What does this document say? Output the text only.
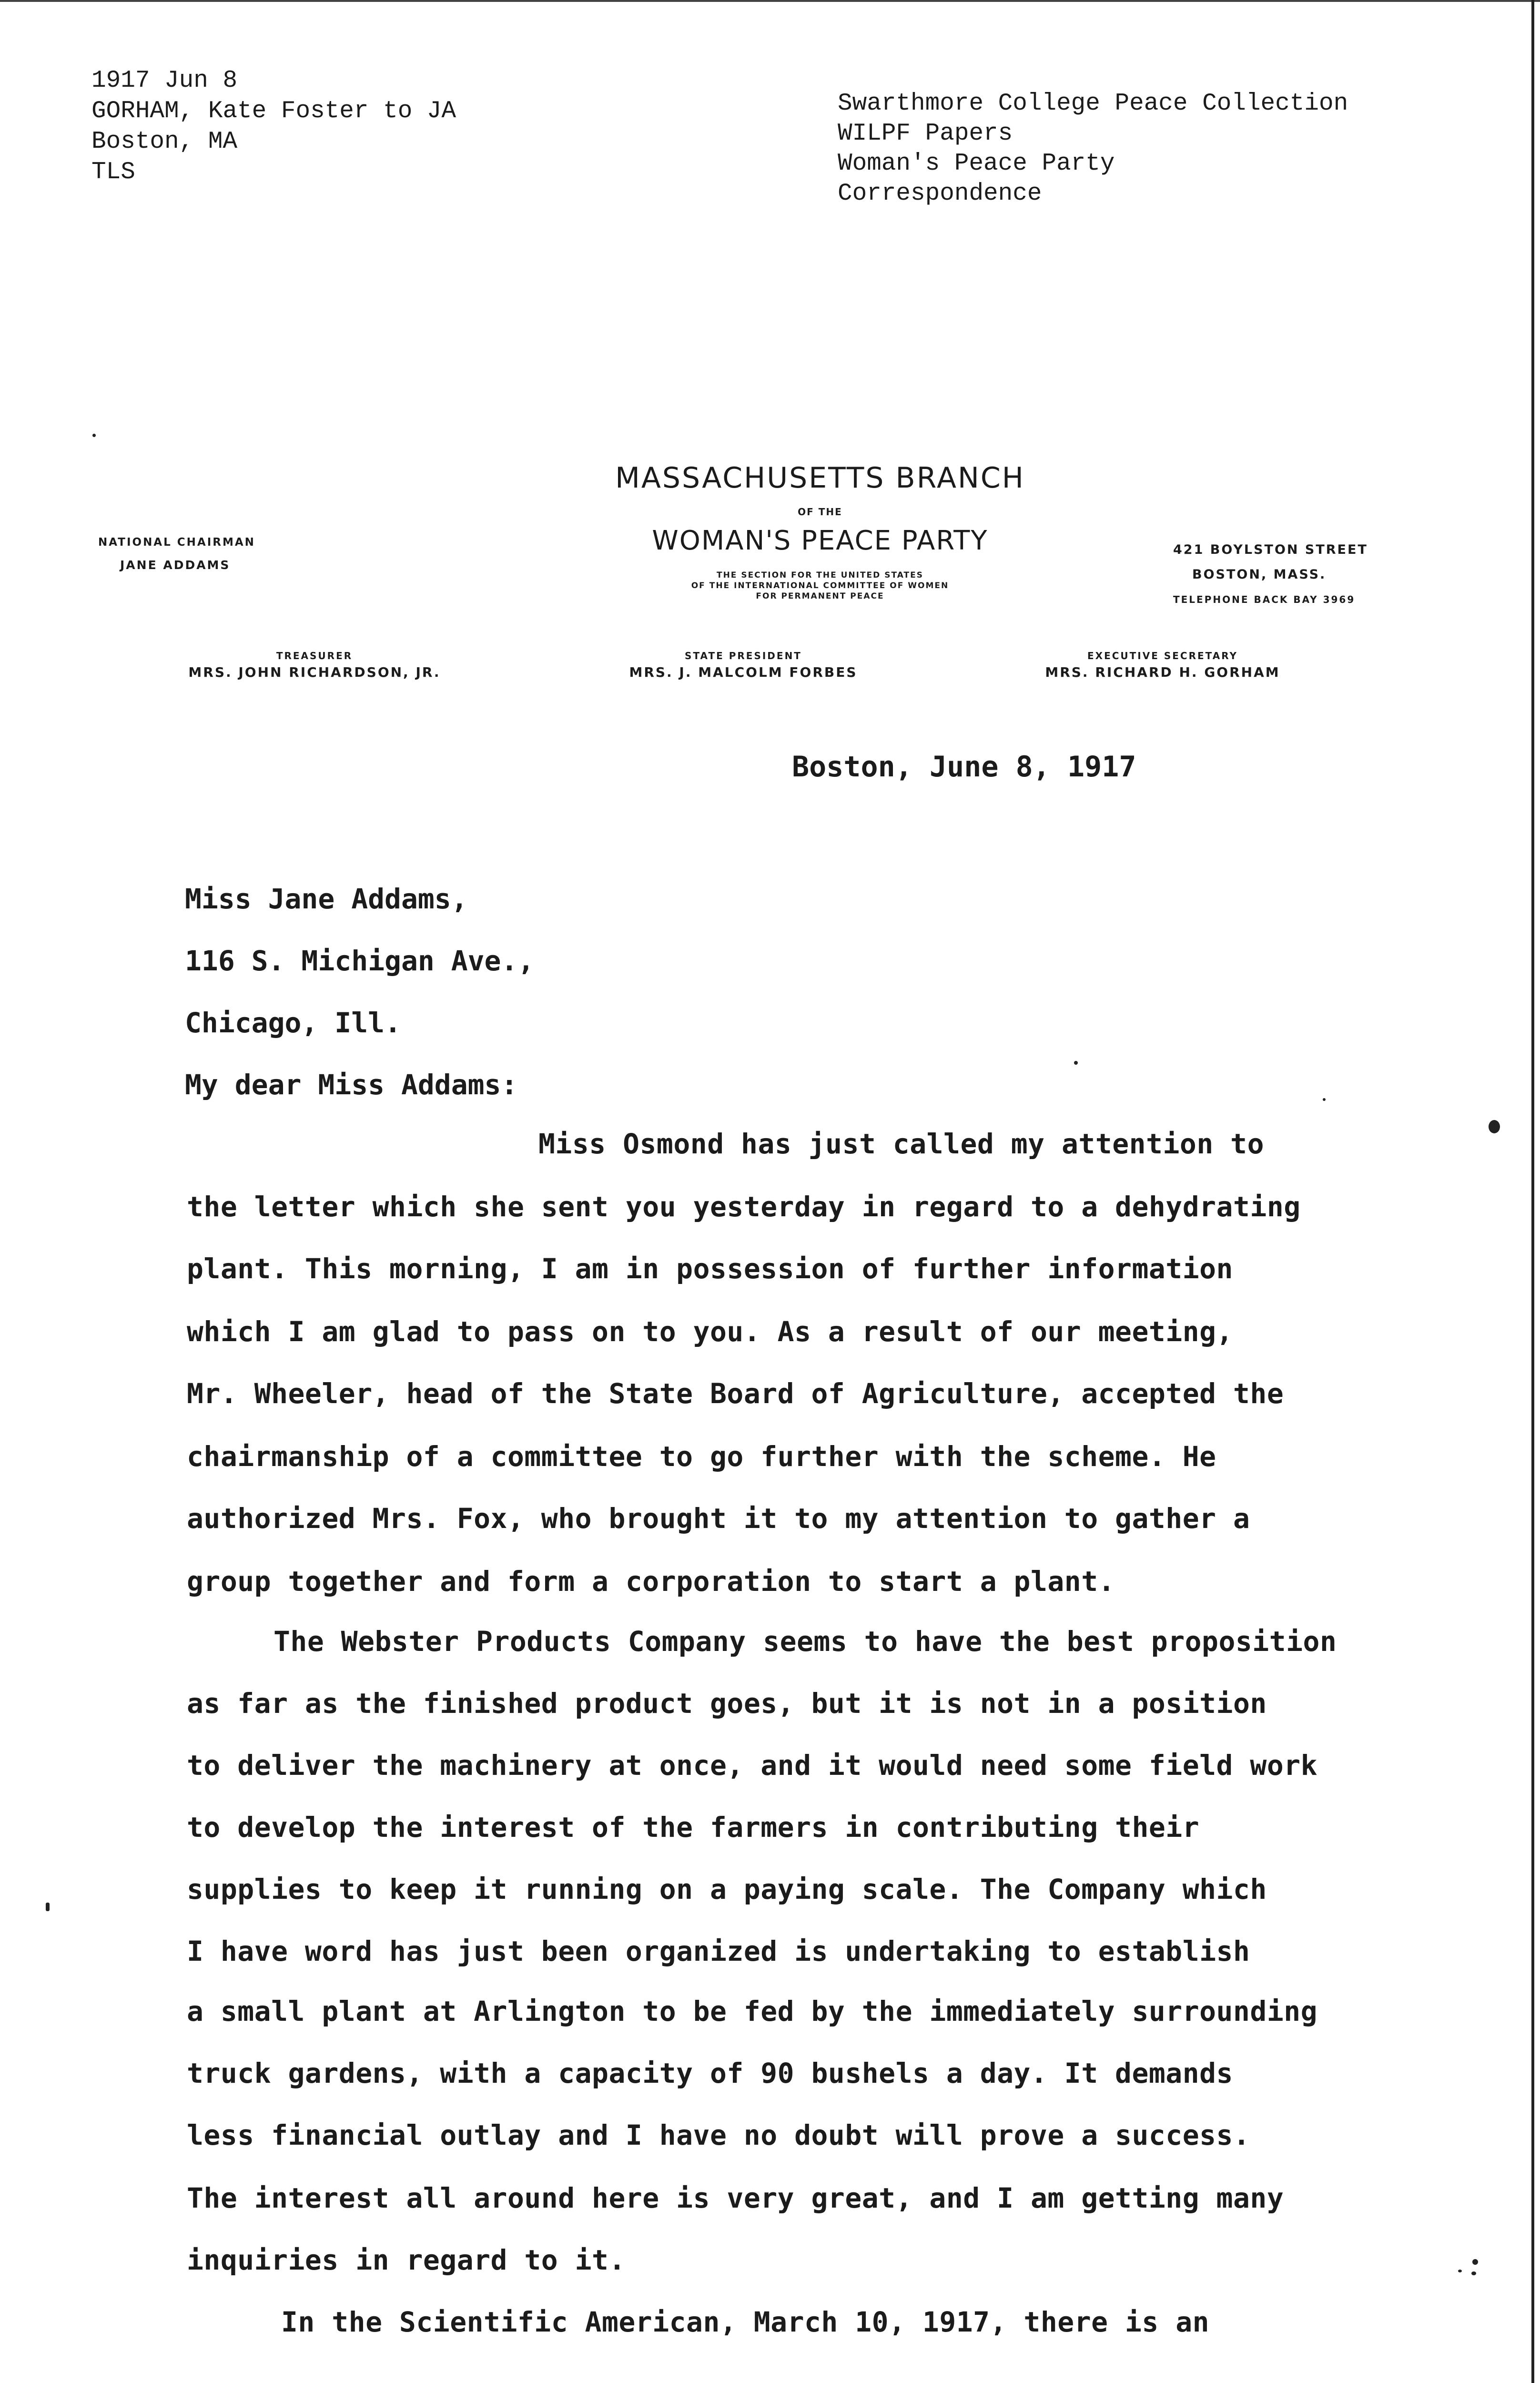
1917 Jun 8
GORHAM, Kate Foster to JA
Boston, MA
TLS
Swarthmore College Peace Collection
WILPF Papers
Woman's Peace Party
Correspondence
MASSACHUSETTS BRANCH
OF THE
WOMAN'S PEACE PARTY
THE SECTION FOR THE UNITED STATES
OF THE INTERNATIONAL COMMITTEE OF WOMEN
FOR PERMANENT PEACE
NATIONAL CHAIRMAN
JANE ADDAMS
421 BOYLSTON STREET
BOSTON, MASS.
TELEPHONE BACK BAY 3969
TREASURER
MRS. JOHN RICHARDSON, JR.
STATE PRESIDENT
MRS. J. MALCOLM FORBES
EXECUTIVE SECRETARY
MRS. RICHARD H. GORHAM
Boston, June 8, 1917
Miss Jane Addams,
116 S. Michigan Ave.,
Chicago, Ill.
My dear Miss Addams:
Miss Osmond has just called my attention to
the letter which she sent you yesterday in regard to a dehydrating
plant. This morning, I am in possession of further information
which I am glad to pass on to you. As a result of our meeting,
Mr. Wheeler, head of the State Board of Agriculture, accepted the
chairmanship of a committee to go further with the scheme. He
authorized Mrs. Fox, who brought it to my attention to gather a
group together and form a corporation to start a plant.
The Webster Products Company seems to have the best proposition
as far as the finished product goes, but it is not in a position
to deliver the machinery at once, and it would need some field work
to develop the interest of the farmers in contributing their
supplies to keep it running on a paying scale. The Company which
I have word has just been organized is undertaking to establish
a small plant at Arlington to be fed by the immediately surrounding
truck gardens, with a capacity of 90 bushels a day. It demands
less financial outlay and I have no doubt will prove a success.
The interest all around here is very great, and I am getting many
inquiries in regard to it.
In the Scientific American, March 10, 1917, there is an
